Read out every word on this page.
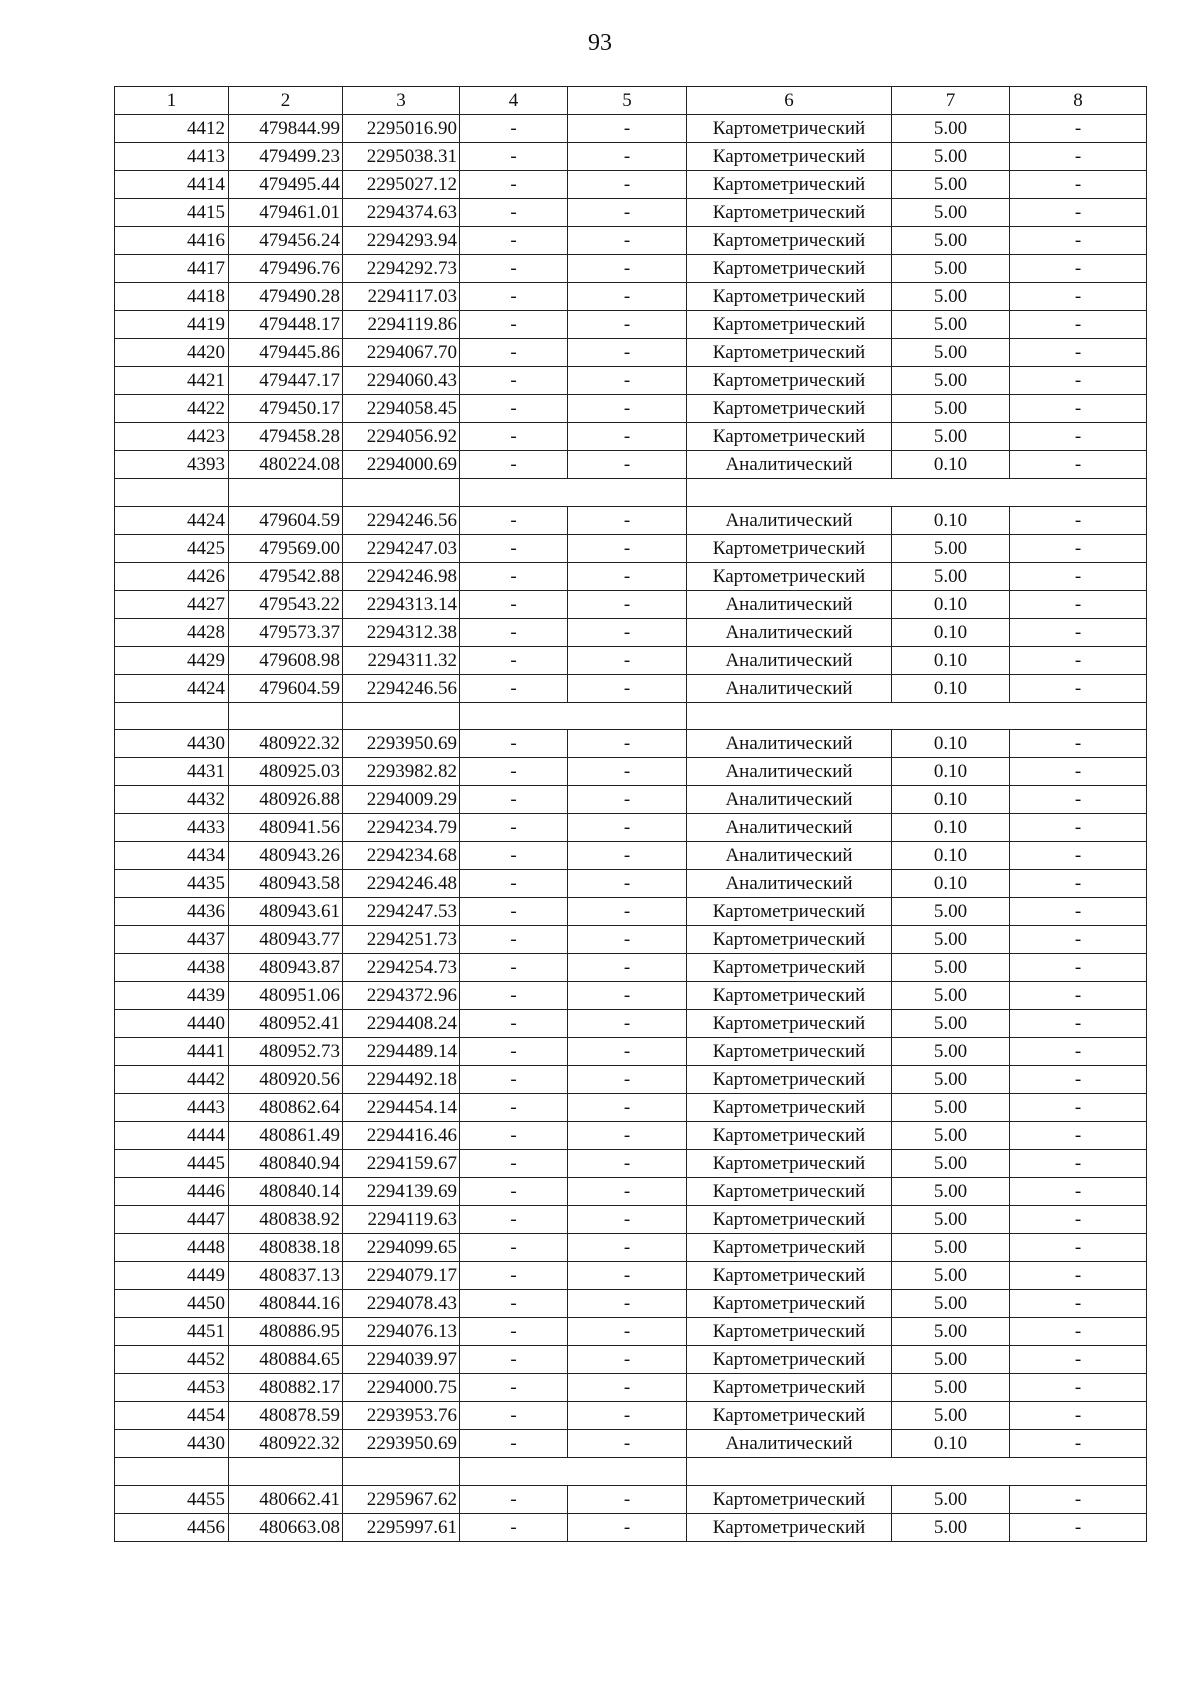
93
1	2	3	4	5	6	7	8
4412	479844.99	2295016.90	-	-	Картометрический	5.00	-
4413	479499.23	2295038.31	-	-	Картометрический	5.00	-
4414	479495.44	2295027.12	-	-	Картометрический	5.00	-
4415	479461.01	2294374.63	-	-	Картометрический	5.00	-
4416	479456.24	2294293.94	-	-	Картометрический	5.00	-
4417	479496.76	2294292.73	-	-	Картометрический	5.00	-
4418	479490.28	2294117.03	-	-	Картометрический	5.00	-
4419	479448.17	2294119.86	-	-	Картометрический	5.00	-
4420	479445.86	2294067.70	-	-	Картометрический	5.00	-
4421	479447.17	2294060.43	-	-	Картометрический	5.00	-
4422	479450.17	2294058.45	-	-	Картометрический	5.00	-
4423	479458.28	2294056.92	-	-	Картометрический	5.00	-
4393	480224.08	2294000.69	-	-	Аналитический	0.10	-

4424	479604.59	2294246.56	-	-	Аналитический	0.10	-
4425	479569.00	2294247.03	-	-	Картометрический	5.00	-
4426	479542.88	2294246.98	-	-	Картометрический	5.00	-
4427	479543.22	2294313.14	-	-	Аналитический	0.10	-
4428	479573.37	2294312.38	-	-	Аналитический	0.10	-
4429	479608.98	2294311.32	-	-	Аналитический	0.10	-
4424	479604.59	2294246.56	-	-	Аналитический	0.10	-

4430	480922.32	2293950.69	-	-	Аналитический	0.10	-
4431	480925.03	2293982.82	-	-	Аналитический	0.10	-
4432	480926.88	2294009.29	-	-	Аналитический	0.10	-
4433	480941.56	2294234.79	-	-	Аналитический	0.10	-
4434	480943.26	2294234.68	-	-	Аналитический	0.10	-
4435	480943.58	2294246.48	-	-	Аналитический	0.10	-
4436	480943.61	2294247.53	-	-	Картометрический	5.00	-
4437	480943.77	2294251.73	-	-	Картометрический	5.00	-
4438	480943.87	2294254.73	-	-	Картометрический	5.00	-
4439	480951.06	2294372.96	-	-	Картометрический	5.00	-
4440	480952.41	2294408.24	-	-	Картометрический	5.00	-
4441	480952.73	2294489.14	-	-	Картометрический	5.00	-
4442	480920.56	2294492.18	-	-	Картометрический	5.00	-
4443	480862.64	2294454.14	-	-	Картометрический	5.00	-
4444	480861.49	2294416.46	-	-	Картометрический	5.00	-
4445	480840.94	2294159.67	-	-	Картометрический	5.00	-
4446	480840.14	2294139.69	-	-	Картометрический	5.00	-
4447	480838.92	2294119.63	-	-	Картометрический	5.00	-
4448	480838.18	2294099.65	-	-	Картометрический	5.00	-
4449	480837.13	2294079.17	-	-	Картометрический	5.00	-
4450	480844.16	2294078.43	-	-	Картометрический	5.00	-
4451	480886.95	2294076.13	-	-	Картометрический	5.00	-
4452	480884.65	2294039.97	-	-	Картометрический	5.00	-
4453	480882.17	2294000.75	-	-	Картометрический	5.00	-
4454	480878.59	2293953.76	-	-	Картометрический	5.00	-
4430	480922.32	2293950.69	-	-	Аналитический	0.10	-

4455	480662.41	2295967.62	-	-	Картометрический	5.00	-
4456	480663.08	2295997.61	-	-	Картометрический	5.00	-
